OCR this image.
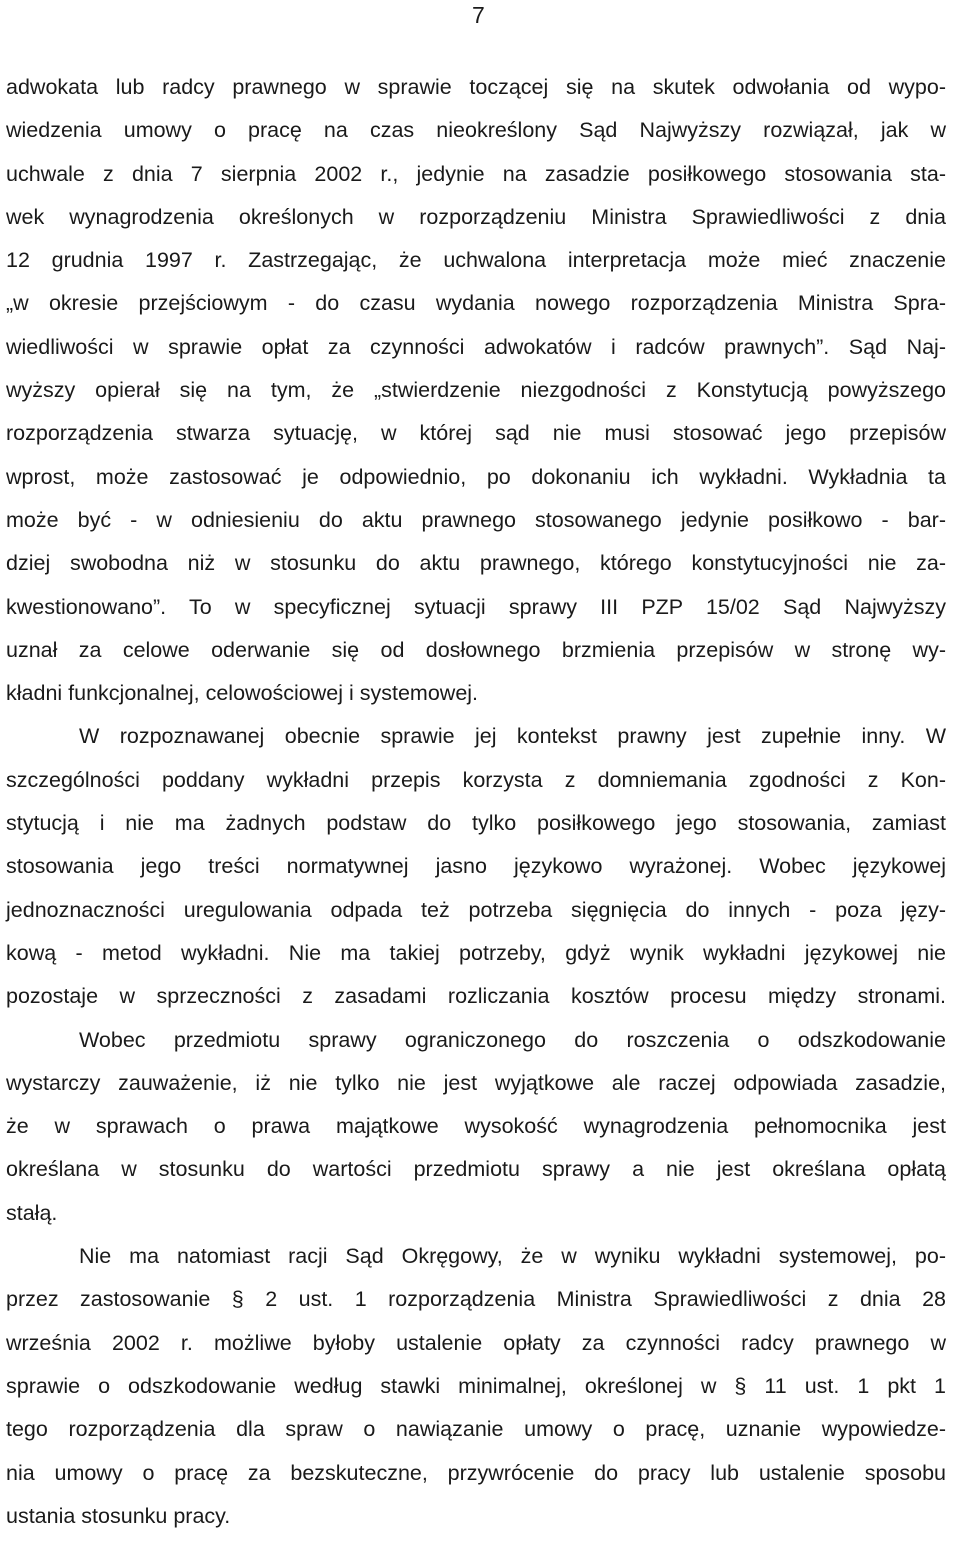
7
adwokata lub radcy prawnego w sprawie toczącej się na skutek odwołania od wypo-
wiedzenia umowy o pracę na czas nieokreślony Sąd Najwyższy rozwiązał, jak w
uchwale z dnia 7 sierpnia 2002 r., jedynie na zasadzie posiłkowego stosowania sta-
wek wynagrodzenia określonych w rozporządzeniu Ministra Sprawiedliwości z dnia
12 grudnia 1997 r. Zastrzegając, że uchwalona interpretacja może mieć znaczenie
„w okresie przejściowym - do czasu wydania nowego rozporządzenia Ministra Spra-
wiedliwości w sprawie opłat za czynności adwokatów i radców prawnych”. Sąd Naj-
wyższy opierał się na tym, że „stwierdzenie niezgodności z Konstytucją powyższego
rozporządzenia stwarza sytuację, w której sąd nie musi stosować jego przepisów
wprost, może zastosować je odpowiednio, po dokonaniu ich wykładni. Wykładnia ta
może być - w odniesieniu do aktu prawnego stosowanego jedynie posiłkowo - bar-
dziej swobodna niż w stosunku do aktu prawnego, którego konstytucyjności nie za-
kwestionowano”. To w specyficznej sytuacji sprawy III PZP 15/02 Sąd Najwyższy
uznał za celowe oderwanie się od dosłownego brzmienia przepisów w stronę wy-
kładni funkcjonalnej, celowościowej i systemowej.
W rozpoznawanej obecnie sprawie jej kontekst prawny jest zupełnie inny. W
szczególności poddany wykładni przepis korzysta z domniemania zgodności z Kon-
stytucją i nie ma żadnych podstaw do tylko posiłkowego jego stosowania, zamiast
stosowania jego treści normatywnej jasno językowo wyrażonej. Wobec językowej
jednoznaczności uregulowania odpada też potrzeba sięgnięcia do innych - poza języ-
kową - metod wykładni. Nie ma takiej potrzeby, gdyż wynik wykładni językowej nie
pozostaje w sprzeczności z zasadami rozliczania kosztów procesu między stronami.
Wobec przedmiotu sprawy ograniczonego do roszczenia o odszkodowanie
wystarczy zauważenie, iż nie tylko nie jest wyjątkowe ale raczej odpowiada zasadzie,
że w sprawach o prawa majątkowe wysokość wynagrodzenia pełnomocnika jest
określana w stosunku do wartości przedmiotu sprawy a nie jest określana opłatą
stałą.
Nie ma natomiast racji Sąd Okręgowy, że w wyniku wykładni systemowej, po-
przez zastosowanie § 2 ust. 1 rozporządzenia Ministra Sprawiedliwości z dnia 28
września 2002 r. możliwe byłoby ustalenie opłaty za czynności radcy prawnego w
sprawie o odszkodowanie według stawki minimalnej, określonej w § 11 ust. 1 pkt 1
tego rozporządzenia dla spraw o nawiązanie umowy o pracę, uznanie wypowiedze-
nia umowy o pracę za bezskuteczne, przywrócenie do pracy lub ustalenie sposobu
ustania stosunku pracy.
